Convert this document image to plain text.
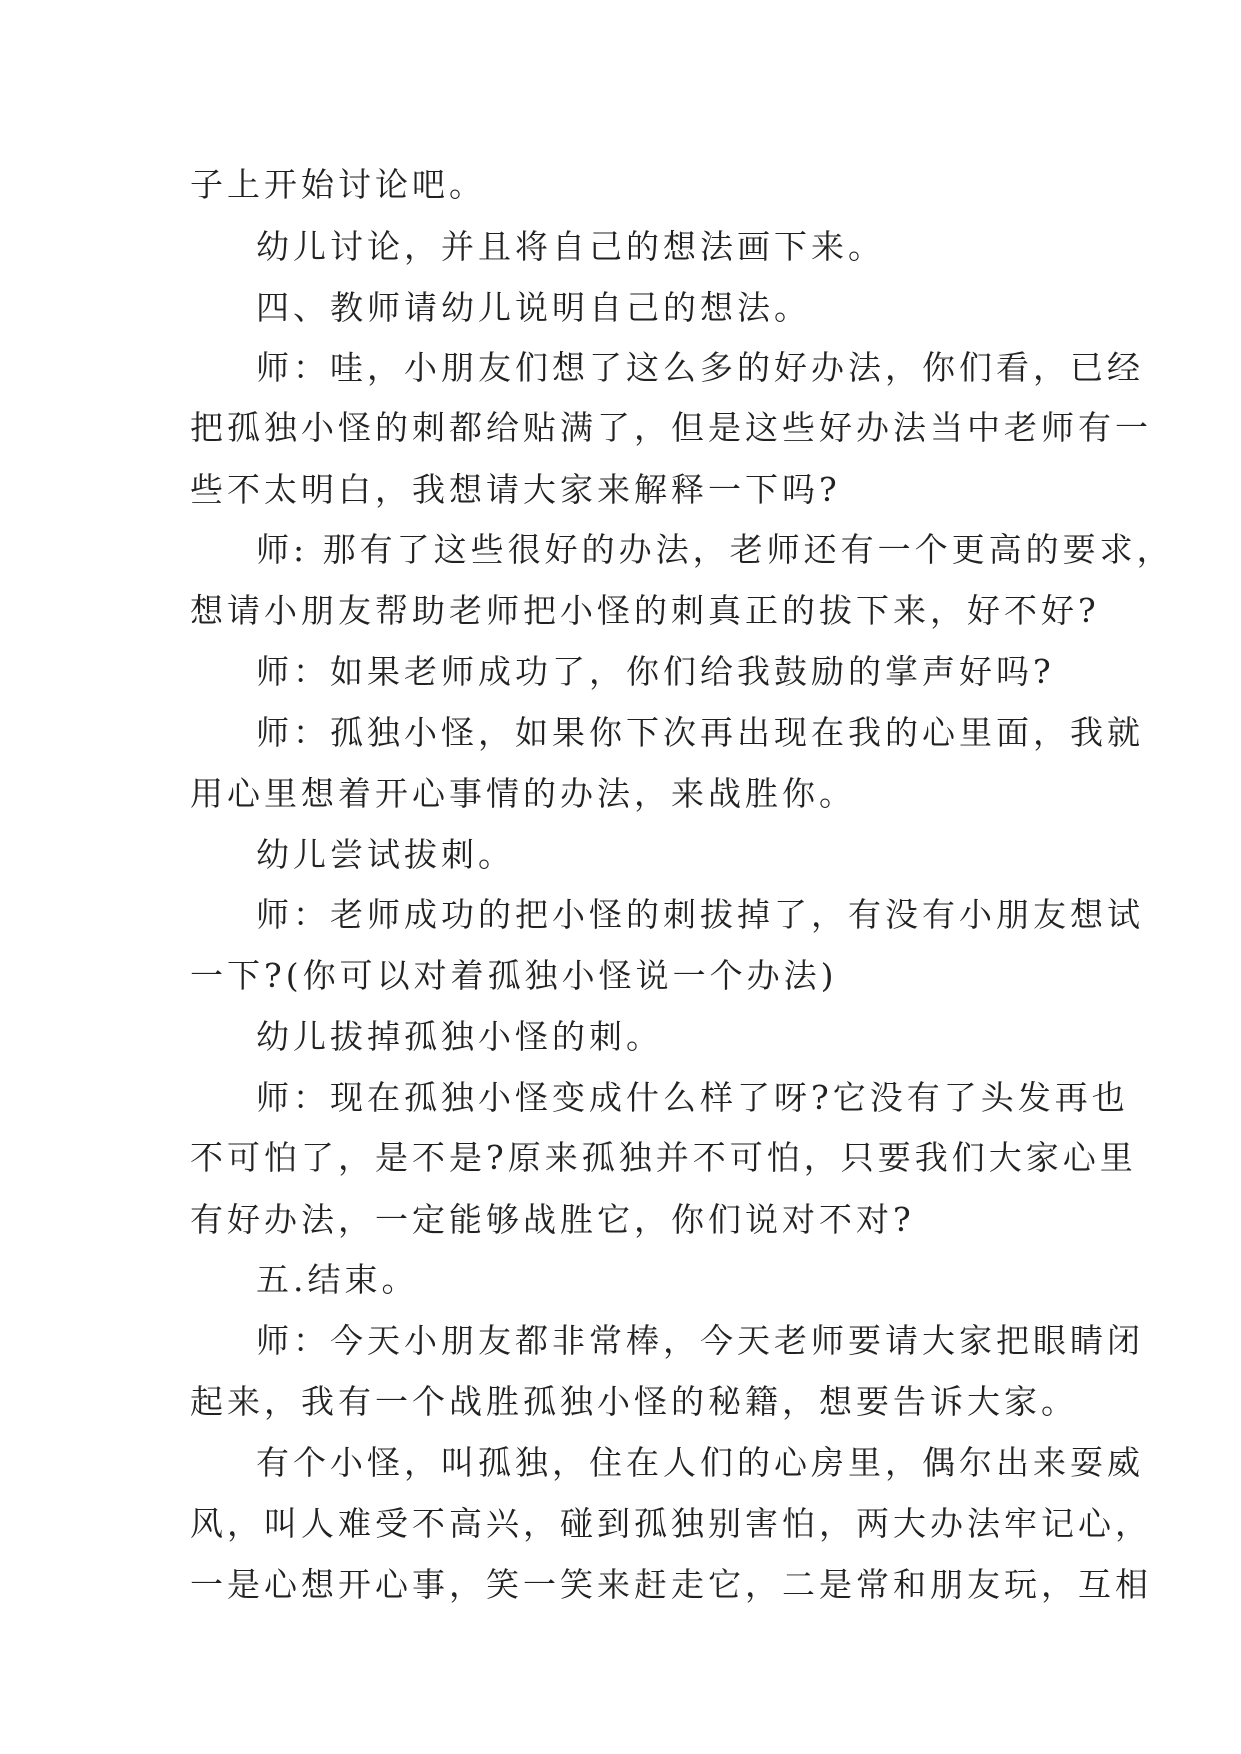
子上开始讨论吧。
幼儿讨论，并且将自己的想法画下来。
四、教师请幼儿说明自己的想法。
师：哇，小朋友们想了这么多的好办法，你们看，已经
把孤独小怪的刺都给贴满了，但是这些好办法当中老师有一
些不太明白，我想请大家来解释一下吗?
师: 那有了这些很好的办法，老师还有一个更高的要求，
想请小朋友帮助老师把小怪的刺真正的拔下来，好不好?
师：如果老师成功了，你们给我鼓励的掌声好吗?
师：孤独小怪，如果你下次再出现在我的心里面，我就
用心里想着开心事情的办法，来战胜你。
幼儿尝试拔刺。
师：老师成功的把小怪的刺拔掉了，有没有小朋友想试
一下?(你可以对着孤独小怪说一个办法)
幼儿拔掉孤独小怪的刺。
师：现在孤独小怪变成什么样了呀?它没有了头发再也
不可怕了，是不是?原来孤独并不可怕，只要我们大家心里
有好办法，一定能够战胜它，你们说对不对?
五.结束。
师：今天小朋友都非常棒，今天老师要请大家把眼睛闭
起来，我有一个战胜孤独小怪的秘籍，想要告诉大家。
有个小怪，叫孤独，住在人们的心房里，偶尔出来耍威
风，叫人难受不高兴，碰到孤独别害怕，两大办法牢记心，
一是心想开心事，笑一笑来赶走它，二是常和朋友玩，互相
